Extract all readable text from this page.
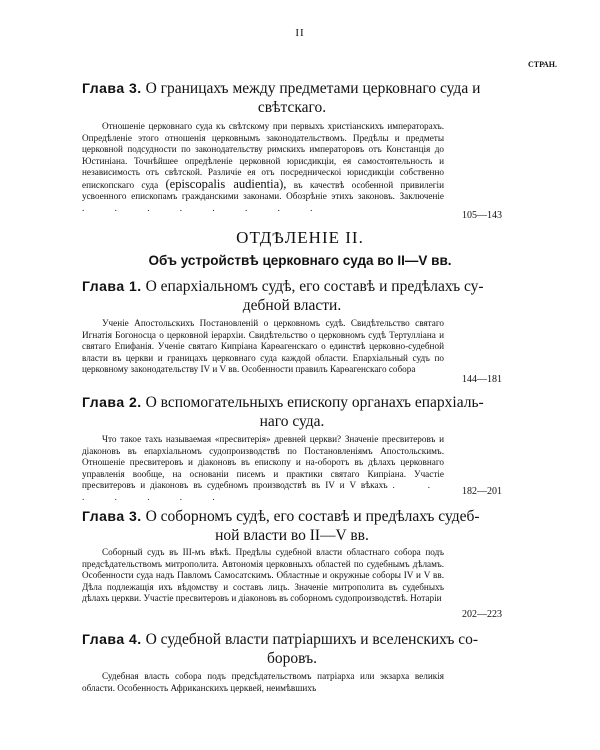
II
СТРАН.
Глава 3. О границахъ между предметами церковнаго суда и
свѣтскаго.
Отношеніе церковнаго суда къ свѣтскому при первыхъ христіанскихъ императорахъ. Опредѣленіе этого отношенія церковнымъ законодательствомъ. Предѣлы и предметы церковной подсудности по законодательству римскихъ императоровъ отъ Констанція до Юстиніана. Точнѣйшее опредѣленіе церковной юрисдикціи, ея самостоятельность и независимость отъ свѣтской. Различіе ея отъ посредническоі юрисдикціи собственно епископскаго суда (episcopalis audientia), въ качествѣ особенной привилегіи усвоенногo епископамъ гражданскими законами. Обозрѣніе этихъ законовъ. Заключеніе . . . . . . . .
105—143
ОТДѢЛЕНІЕ II.
Объ устройствѣ церковнаго суда во II—V вв.
Глава 1. О епархіальномъ судѣ, его составѣ и предѣлахъ су-
дебной власти.
Ученіе Апостольскихъ Постановленій о церковномъ судѣ. Свидѣтельство святаго Игнатія Богоносца о церковной іерархіи. Свидѣтельство о церковномъ судѣ Тертулліана и святаго Епифанія. Ученіе святаго Кипріана Карѳагенскаго о единствѣ церковно-судебной власти въ церкви и границахъ церковнаго суда каждой области. Епархіальный судъ по церковному законодательству IV и V вв. Особенности правилъ Карѳагенскаго собора
144—181
Глава 2. О вспомогательныхъ епископу органахъ епархіаль-
наго суда.
Что такое тахъ называемая «пресвитерія» древней церкви? Значеніе пресвитеровъ и діаконовъ въ епархіальномъ судопроизводствѣ по Постановленіямъ Апостольскимъ. Отношеніе пресвитеровъ и діаконовъ въ епископу и на-оборотъ въ дѣлахъ церковнаго управленія вообще, на основаніи писемъ и практики святаго Кипріана. Участіе пресвитеровъ и діаконовъ въ судебномъ производствѣ въ IV и V вѣкахъ . . . . . . .	182—201
Глава 3. О соборномъ судѣ, его составѣ и предѣлахъ судеб-
ной власти во II—V вв.
Соборный судъ въ III-мъ вѣкѣ. Предѣлы судебной власти областнаго собора подъ предсѣдательствомъ митрополита. Автономія церковныхъ областей по судебнымъ дѣламъ. Особенности суда надъ Павломъ Самосатскимъ. Областные и окружные соборы IV и V вв. Дѣла подлежащія ихъ вѣдомству и составъ лицъ. Значеніе митрополита въ судебныхъ дѣлахъ церкви. Участіе пресвитеровъ и діаконовъ въ соборномъ судопроизводствѣ. Нотаріи
202—223
Глава 4. О судебной власти патріаршихъ и вселенскихъ со-
боровъ.
Судебная власть собора подъ предсѣдательствомъ патріарха или экзарха великія области. Особенность Африканскихъ церквей, неимѣвшихъ
